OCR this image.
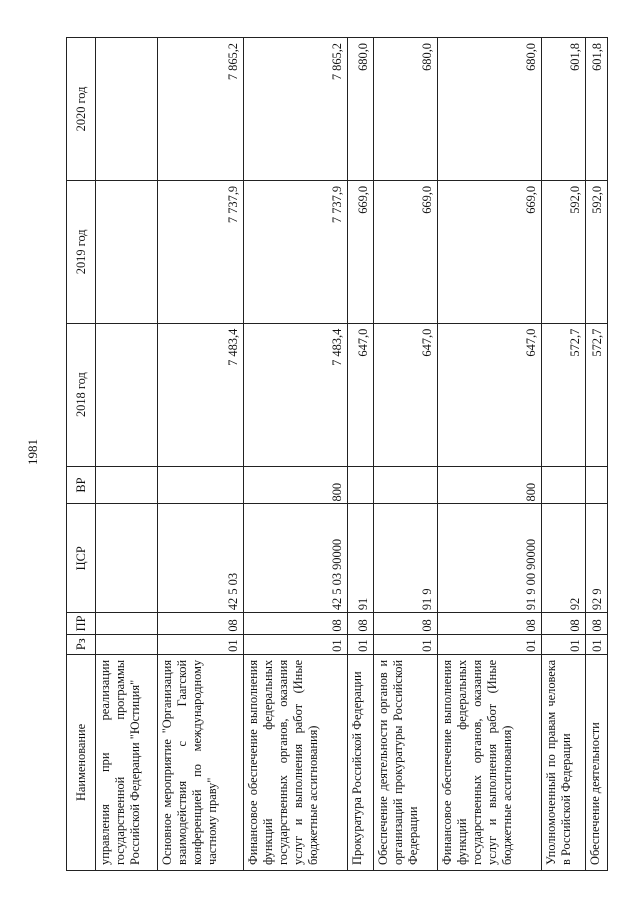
1981
Наименование	Рз	ПР	ЦСР	ВР	2018 год	2019 год	2020 год
управления при реализации государственной программы Российской Федерации "Юстиция"							
Основное мероприятие "Организация взаимодействия с Гаагской конференцией по международному частному праву"	01	08	42 5 03		7 483,4	7 737,9	7 865,2
Финансовое обеспечение выполнения функций федеральных государственных органов, оказания услуг и выполнения работ (Иные бюджетные ассигнования)	01	08	42 5 03 90000	800	7 483,4	7 737,9	7 865,2
Прокуратура Российской Федерации	01	08	91		647,0	669,0	680,0
Обеспечение деятельности органов и организаций прокуратуры Российской Федерации	01	08	91 9		647,0	669,0	680,0
Финансовое обеспечение выполнения функций федеральных государственных органов, оказания услуг и выполнения работ (Иные бюджетные ассигнования)	01	08	91 9 00 90000	800	647,0	669,0	680,0
Уполномоченный по правам человека в Российской Федерации	01	08	92		572,7	592,0	601,8
Обеспечение деятельности	01	08	92 9		572,7	592,0	601,8
